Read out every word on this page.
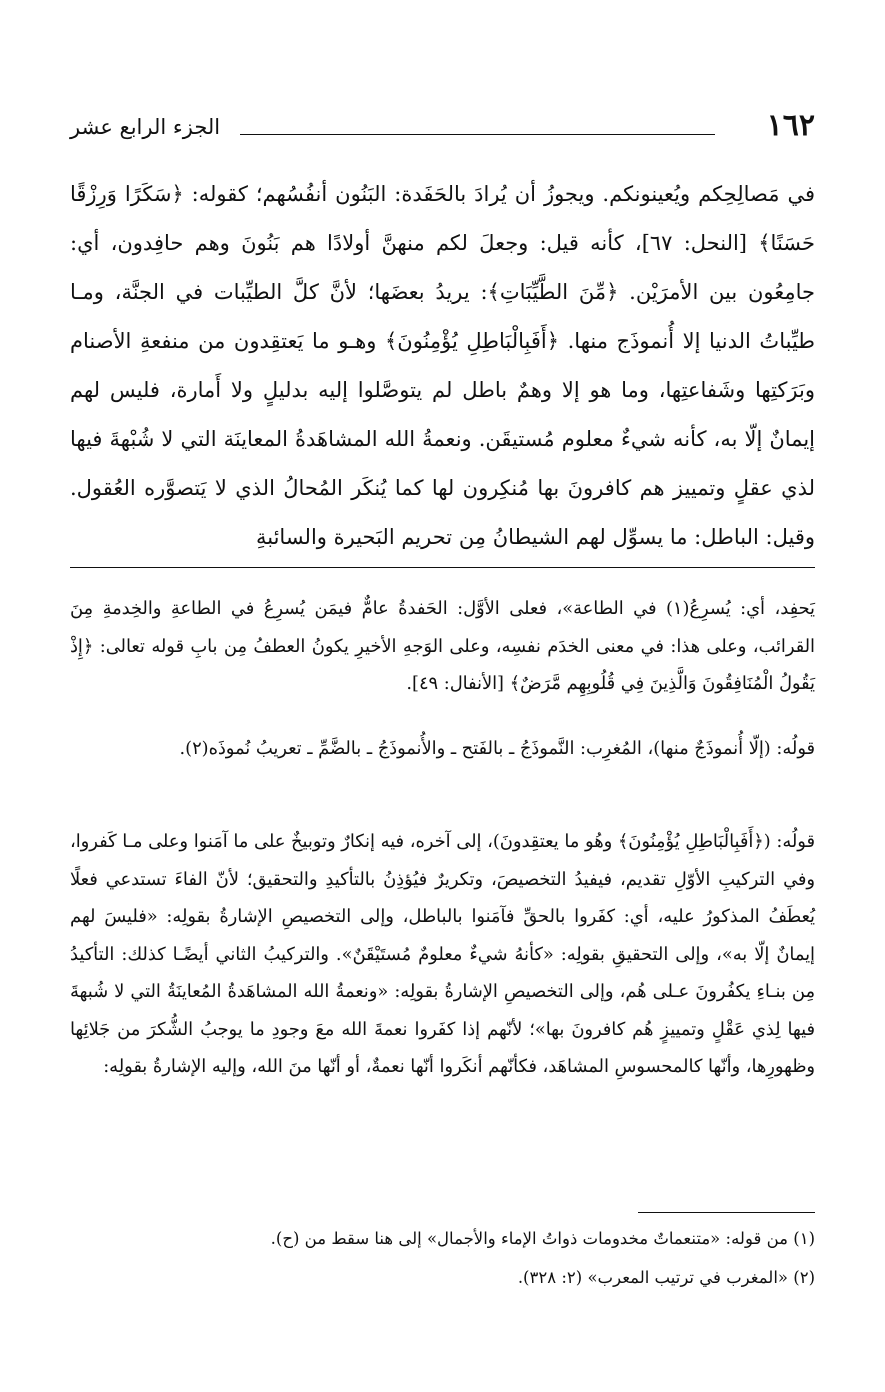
١٦٢
الجزء الرابع عشر

في مَصالِحِكم ويُعينونكم. ويجوزُ أن يُرادَ بالحَفَدة: البَنُون أنفُسُهم؛ كقوله: ﴿سَكَرًا وَرِزْقًا حَسَنًا﴾ [النحل: ٦٧]، كأنه قيل: وجعلَ لكم منهنَّ أولادًا هم بَنُونَ وهم حافِدون، أي: جامِعُون بين الأمرَيْن. ﴿مِّنَ الطَّيِّبَاتِ﴾: يريدُ بعضَها؛ لأنَّ كلَّ الطيِّبات في الجنَّة، ومـا طيِّباتُ الدنيا إلا أُنموذَج منها. ﴿أَفَبِالْبَاطِلِ يُؤْمِنُونَ﴾ وهـو ما يَعتقِدون من منفعةِ الأصنام وبَرَكتِها وشَفاعتِها، وما هو إلا وهمٌ باطل لم يتوصَّلوا إليه بدليلٍ ولا أَمارة، فليس لهم إيمانٌ إلّا به، كأنه شيءٌ معلوم مُستيقَن. ونعمةُ الله المشاهَدةُ المعاينَة التي لا شُبْهةَ فيها لذي عقلٍ وتمييز هم كافرونَ بها مُنكِرون لها كما يُنكَر المُحالُ الذي لا يَتصوَّره العُقول. وقيل: الباطل: ما يسوِّل لهم الشيطانُ مِن تحريم البَحيرة والسائبةِ

يَحفِد، أي: يُسرِعُ(١) في الطاعة»، فعلى الأوَّل: الحَفدةُ عامٌّ فيمَن يُسرِعُ في الطاعةِ والخِدمةِ مِنَ القرائب، وعلى هذا: في معنى الخدَم نفسِه، وعلى الوَجهِ الأخيرِ يكونُ العطفُ مِن بابِ قوله تعالى: ﴿إِذْ يَقُولُ الْمُنَافِقُونَ وَالَّذِينَ فِي قُلُوبِهِم مَّرَضٌ﴾ [الأنفال: ٤٩].

قولُه: (إلّا أُنموذَجٌ منها)، المُغرِب: النَّموذَجُ ـ بالفَتح ـ والأُنموذَجُ ـ بالضَّمِّ ـ تعريبُ نُموذَه(٢).

قولُه: (﴿أَفَبِالْبَاطِلِ يُؤْمِنُونَ﴾ وهُو ما يعتقِدونَ)، إلى آخره، فيه إنكارٌ وتوبيخٌ على ما آمَنوا وعلى مـا كَفروا، وفي التركيبِ الأوّلِ تقديم، فيفيدُ التخصيصَ، وتكريرٌ فيُؤذِنُ بالتأكيدِ والتحقيق؛ لأنّ الفاءَ تستدعي فعلًا يُعطَفُ المذكورُ عليه، أي: كفَروا بالحقِّ فآمَنوا بالباطل، وإلى التخصيصِ الإشارةُ بقولِه: «فليسَ لهم إيمانٌ إلّا به»، وإلى التحقيقِ بقولِه: «كأنهُ شيءٌ معلومٌ مُستَيْقَنٌ». والتركيبُ الثاني أيضًـا كذلك: التأكيدُ مِن بنـاءِ يكفُرونَ عـلى هُم، وإلى التخصيصِ الإشارةُ بقولِه: «ونعمةُ الله المشاهَدةُ المُعاينَةُ التي لا شُبهةَ فيها لِذي عَقْلٍ وتمييزٍ هُم كافرونَ بها»؛ لأنّهم إذا كفَروا نعمةَ الله معَ وجودِ ما يوجبُ الشُّكرَ من جَلائِها وظهورِها، وأنّها كالمحسوسِ المشاهَد، فكأنّهم أنكَروا أنّها نعمةٌ، أو أنّها منَ الله، وإليه الإشارةُ بقولِه:

(١) من قوله: «متنعماتٌ مخدومات ذواتُ الإماء والأجمال» إلى هنا سقط من (ح).

(٢) «المغرب في ترتيب المعرب» (٢: ٣٢٨).
